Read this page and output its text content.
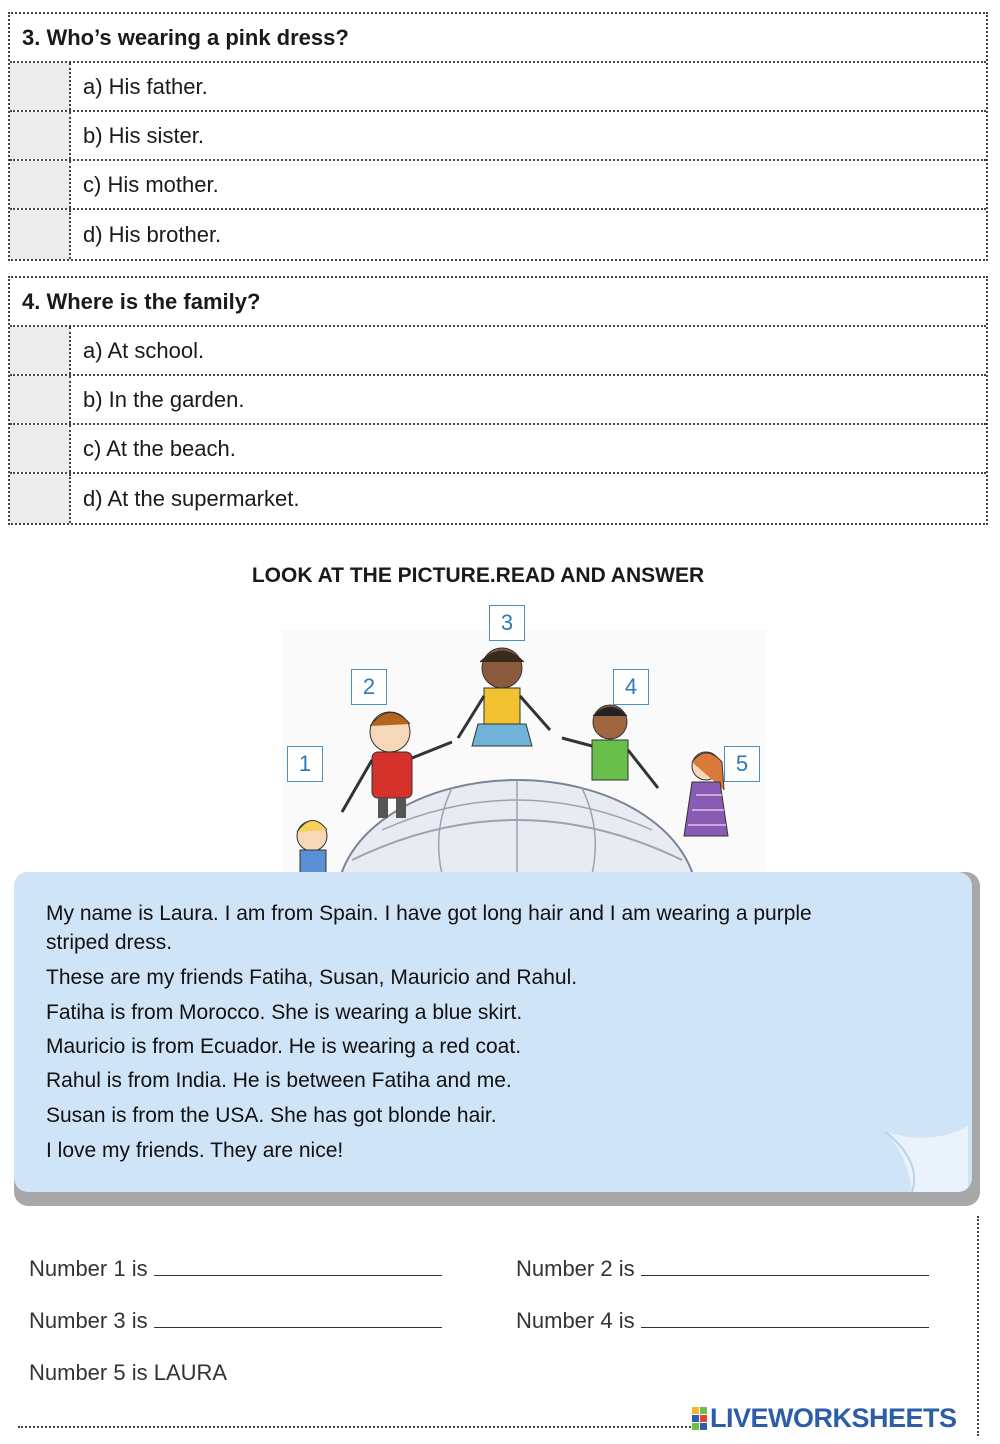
3. Who’s wearing a pink dress?
a) His father.
b) His sister.
c) His mother.
d) His brother.
4. Where is the family?
a) At school.
b) In the garden.
c) At the beach.
d) At the supermarket.
LOOK AT THE PICTURE.READ AND ANSWER
1
2
3
4
5
My name is Laura. I am from Spain. I have got long hair and I am wearing a purple
striped dress.
These are my friends Fatiha, Susan, Mauricio and Rahul.
Fatiha is from Morocco. She is wearing a blue skirt.
Mauricio is from Ecuador. He is wearing a red coat.
Rahul is from India. He is between Fatiha and me.
Susan is from the USA. She has got blonde hair.
I love my friends. They are nice!
Number 1 is	Number 2 is
Number 3 is	Number 4 is
Number 5 is LAURA
LIVEWORKSHEETS
